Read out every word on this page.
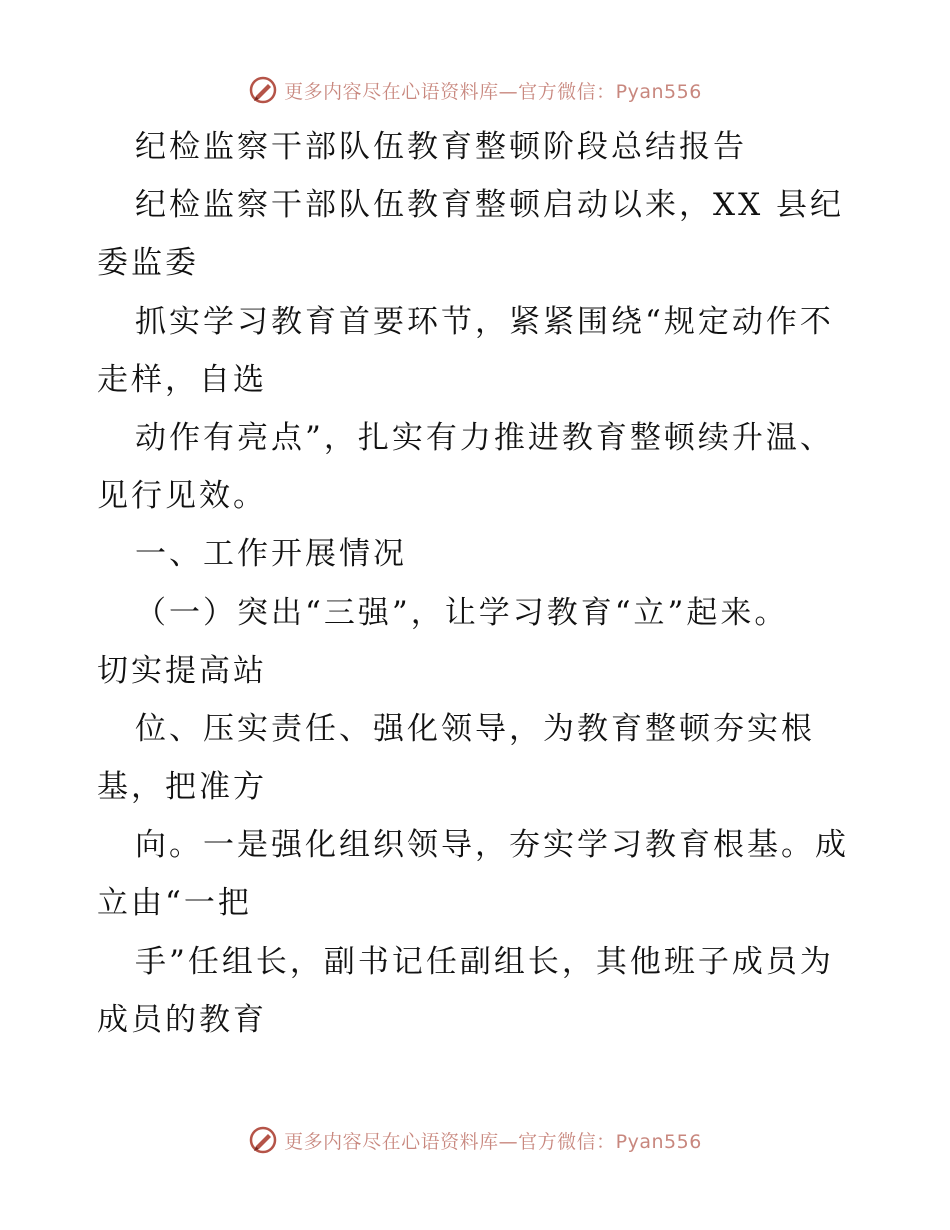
更多内容尽在心语资料库—官方微信：Pyan556
纪检监察干部队伍教育整顿阶段总结报告
纪检监察干部队伍教育整顿启动以来，XX 县纪
委监委
抓实学习教育首要环节，紧紧围绕“规定动作不
走样，自选
动作有亮点”，扎实有力推进教育整顿续升温、
见行见效。
一、工作开展情况
（一）突出“三强”，让学习教育“立”起来。
切实提高站
位、压实责任、强化领导，为教育整顿夯实根
基，把准方
向。一是强化组织领导，夯实学习教育根基。成
立由“一把
手”任组长，副书记任副组长，其他班子成员为
成员的教育
更多内容尽在心语资料库—官方微信：Pyan556
